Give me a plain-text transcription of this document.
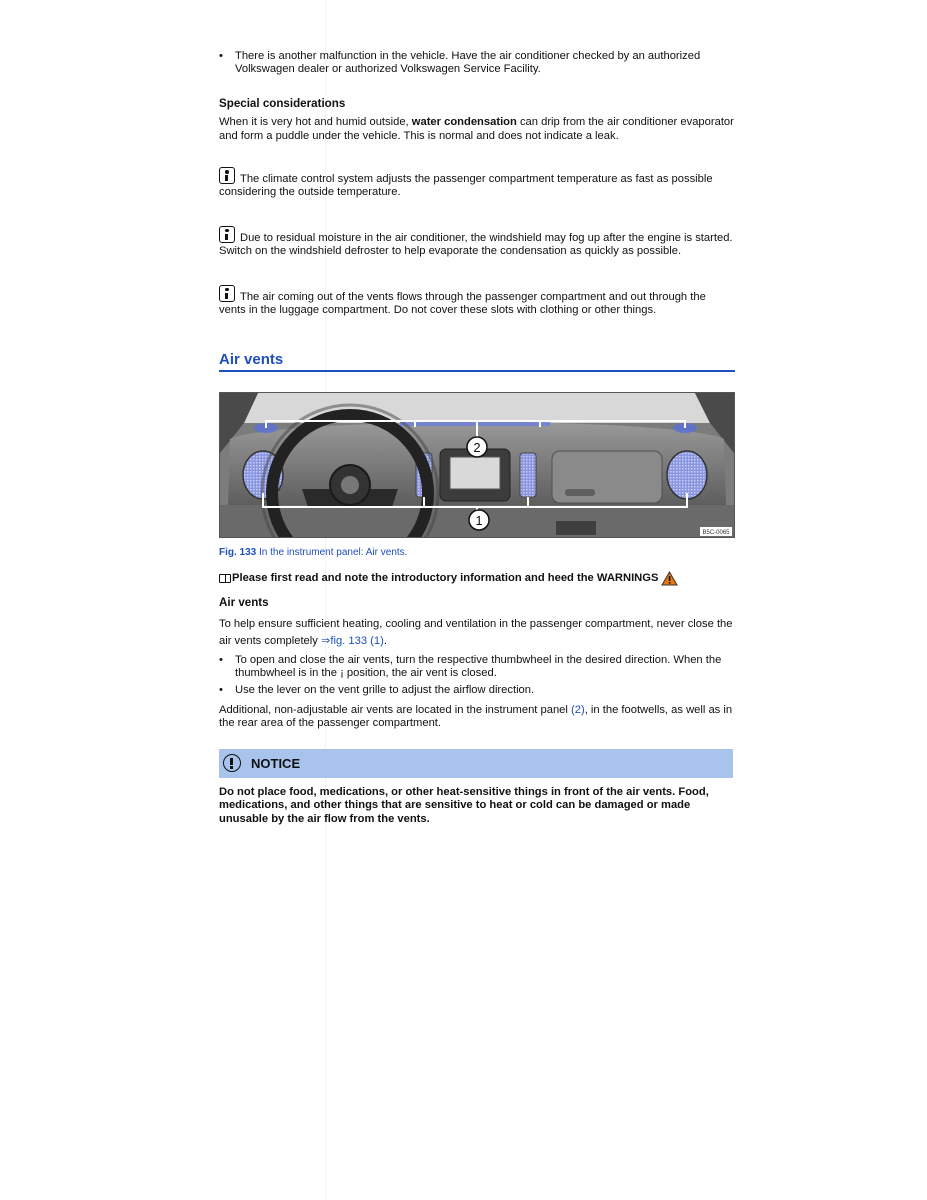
•	There is another malfunction in the vehicle. Have the air conditioner checked by an authorized Volkswagen dealer or authorized Volkswagen Service Facility.

Special considerations

When it is very hot and humid outside, water condensation can drip from the air conditioner evaporator and form a puddle under the vehicle. This is normal and does not indicate a leak.

The climate control system adjusts the passenger compartment temperature as fast as possible considering the outside temperature.

Due to residual moisture in the air conditioner, the windshield may fog up after the engine is started. Switch on the windshield defroster to help evaporate the condensation as quickly as possible.

The air coming out of the vents flows through the passenger compartment and out through the vents in the luggage compartment. Do not cover these slots with clothing or other things.

Air vents
2
1
B5C-0065

Fig. 133 In the instrument panel: Air vents.

Please first read and note the introductory information and heed the WARNINGS

Air vents

To help ensure sufficient heating, cooling and ventilation in the passenger compartment, never close the air vents completely ⇒fig. 133 (1).

•	To open and close the air vents, turn the respective thumbwheel in the desired direction. When the thumbwheel is in the ¡ position, the air vent is closed.
•	Use the lever on the vent grille to adjust the airflow direction.

Additional, non-adjustable air vents are located in the instrument panel (2), in the footwells, as well as in the rear area of the passenger compartment.

NOTICE

Do not place food, medications, or other heat-sensitive things in front of the air vents. Food, medications, and other things that are sensitive to heat or cold can be damaged or made unusable by the air flow from the vents.
